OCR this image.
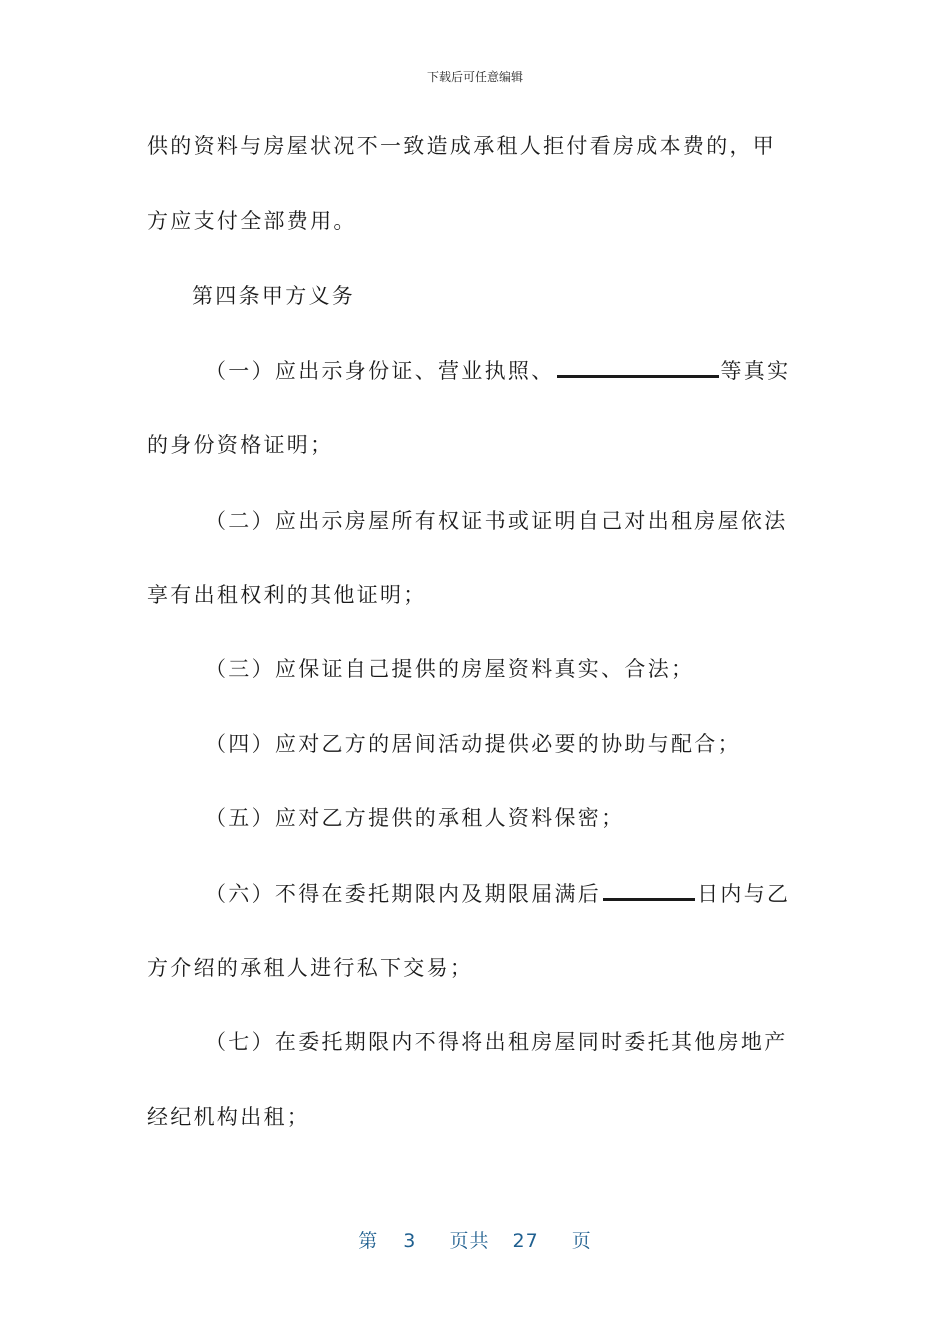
下载后可任意编辑
供的资料与房屋状况不一致造成承租人拒付看房成本费的，甲
方应支付全部费用。
第四条甲方义务
（一）应出示身份证、营业执照、	等真实
的身份资格证明；
（二）应出示房屋所有权证书或证明自己对出租房屋依法
享有出租权利的其他证明；
（三）应保证自己提供的房屋资料真实、合法；
（四）应对乙方的居间活动提供必要的协助与配合；
（五）应对乙方提供的承租人资料保密；
（六）不得在委托期限内及期限届满后	日内与乙
方介绍的承租人进行私下交易；
（七）在委托期限内不得将出租房屋同时委托其他房地产
经纪机构出租；
第 3 页共 27 页
